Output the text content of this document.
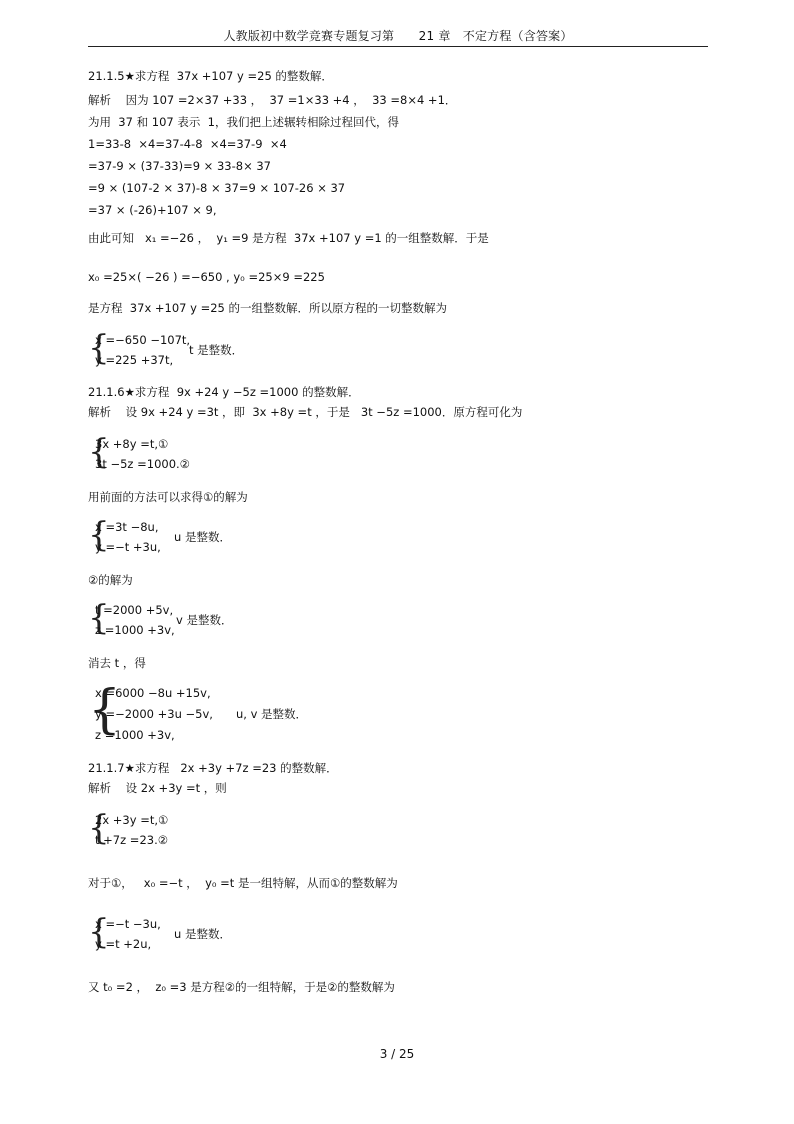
人教版初中数学竞赛专题复习第　　21 章　不定方程（含答案）
21.1.5★求方程  37x +107 y =25 的整数解．
解析    因为 107 =2×37 +33 ，  37 =1×33 +4 ，  33 =8×4 +1．
为用  37 和 107 表示  1，我们把上述辗转相除过程回代，得
1=33-8  ×4=37-4-8  ×4=37-9  ×4
=37-9 × (37-33)=9 × 33-8× 37
=9 × (107-2 × 37)-8 × 37=9 × 107-26 × 37
=37 × (-26)+107 × 9,
由此可知   x₁ =−26 ，  y₁ =9 是方程  37x +107 y =1 的一组整数解．于是
x₀ =25×( −26 ) =−650 , y₀ =25×9 =225
是方程  37x +107 y =25 的一组整数解．所以原方程的一切整数解为
{
x =−650 −107t,
y =225 +37t,
t 是整数．
21.1.6★求方程  9x +24 y −5z =1000 的整数解．
解析    设 9x +24 y =3t ，即  3x +8y =t ，于是   3t −5z =1000．原方程可化为
{
3x +8y =t,①
3t −5z =1000.②
用前面的方法可以求得①的解为
{
x =3t −8u,
y =−t +3u,
u 是整数．
②的解为
{
t =2000 +5v,
z =1000 +3v,
v 是整数．
消去 t ，得
{
x =6000 −8u +15v,
y =−2000 +3u −5v,
z =1000 +3v,
u, v 是整数．
21.1.7★求方程   2x +3y +7z =23 的整数解．
解析    设 2x +3y =t ，则
{
2x +3y =t,①
t +7z =23.②
对于①，   x₀ =−t ，  y₀ =t 是一组特解，从而①的整数解为
{
x =−t −3u,
y =t +2u,
u 是整数．
又 t₀ =2 ，  z₀ =3 是方程②的一组特解，于是②的整数解为
3 / 25
